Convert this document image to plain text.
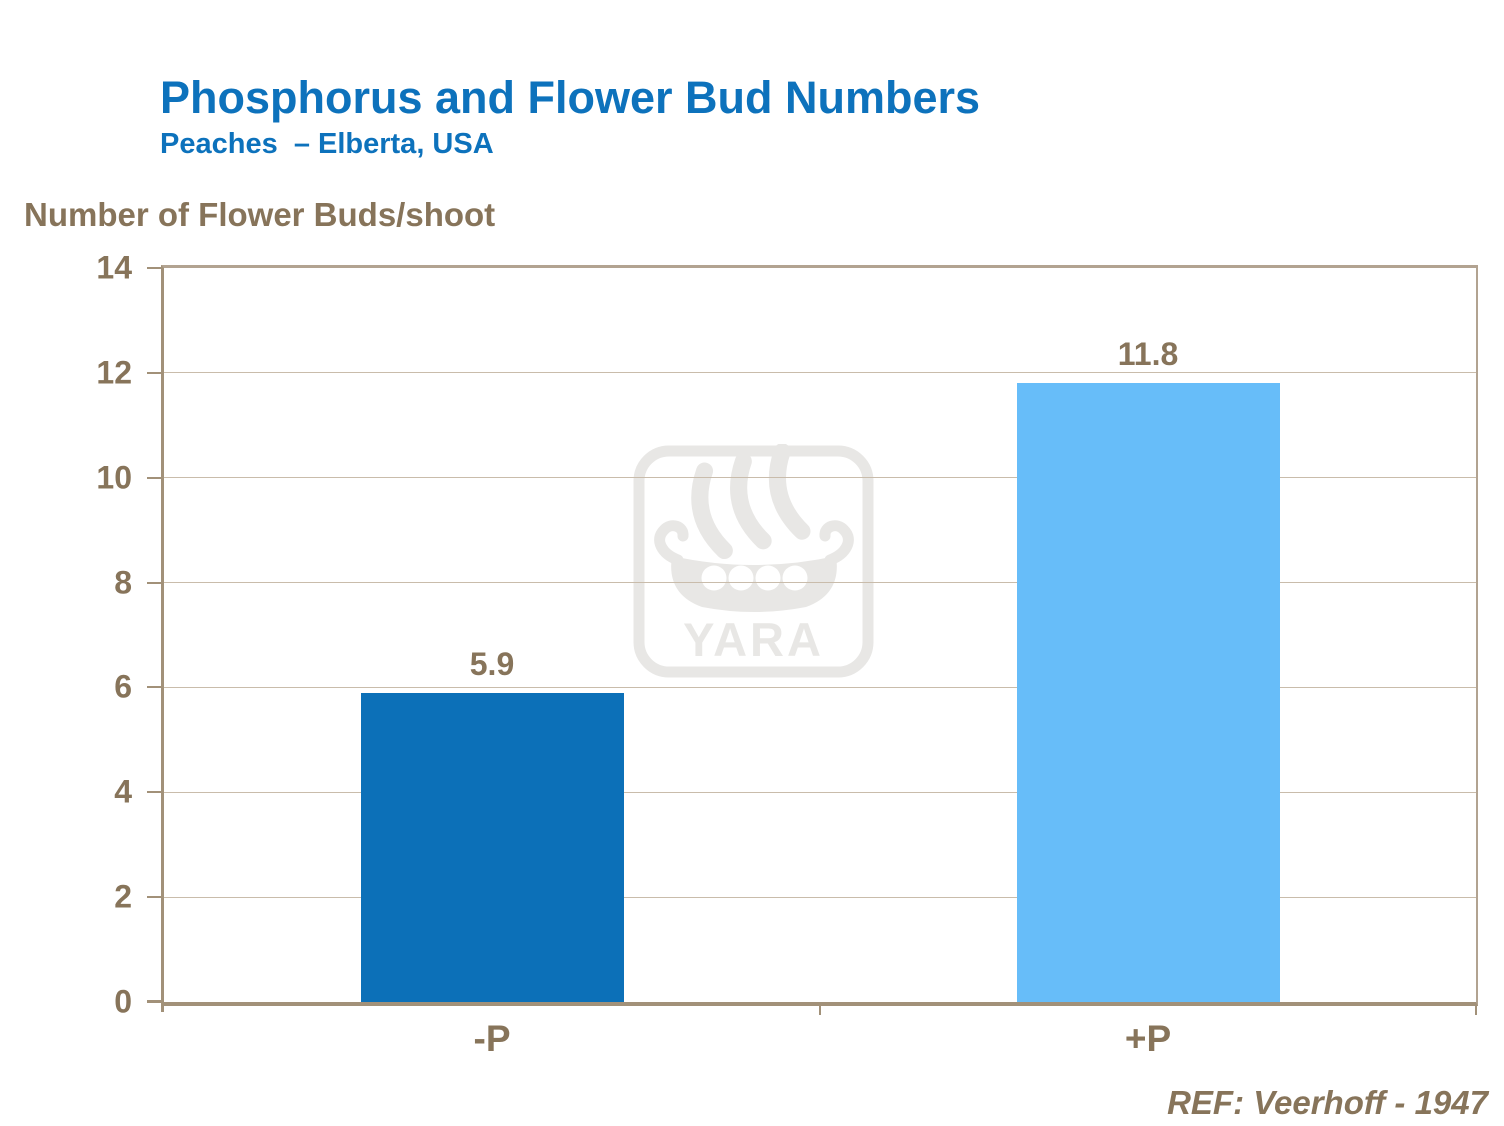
Phosphorus and Flower Bud Numbers
Peaches  – Elberta, USA
Number of Flower Buds/shoot
0
2
4
6
8
10
12
14
YARA
5.9
11.8
-P	+P
REF: Veerhoff - 1947
